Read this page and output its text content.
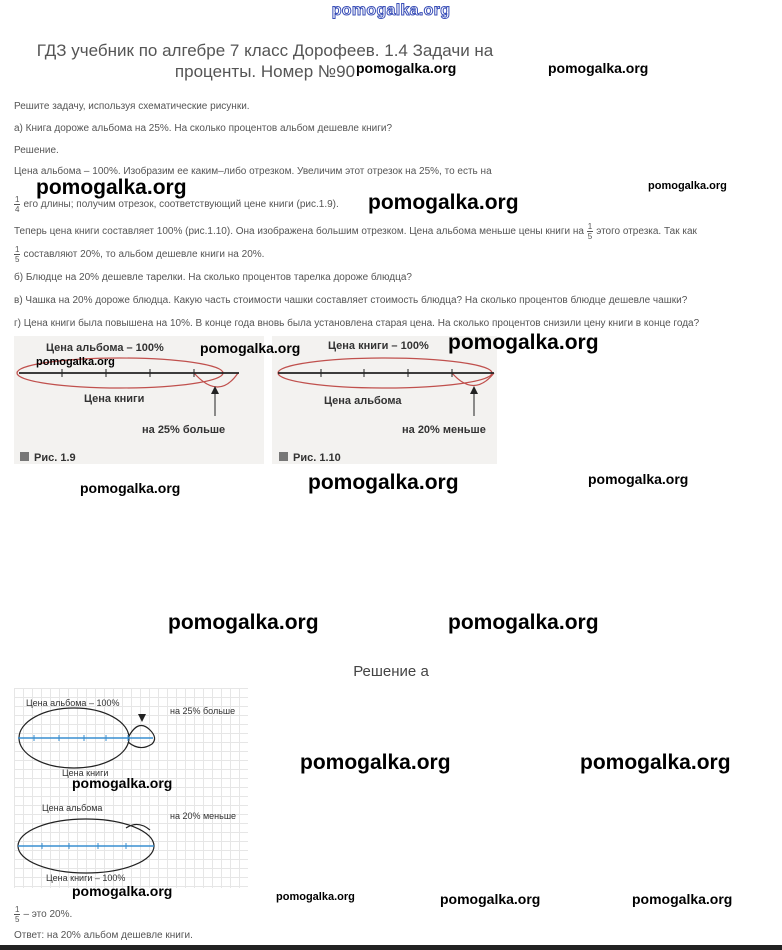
pomogalka.org
ГДЗ учебник по алгебре 7 класс Дорофеев. 1.4 Задачи на проценты. Номер №90
Решите задачу, используя схематические рисунки.
а) Книга дороже альбома на 25%. На сколько процентов альбом дешевле книги?
Решение.
Цена альбома – 100%. Изобразим ее каким–либо отрезком. Увеличим этот отрезок на 25%, то есть на
$\frac{1}{4}$ его длины; получим отрезок, соответствующий цене книги (рис.1.9).
Теперь цена книги составляет 100% (рис.1.10). Она изображена большим отрезком. Цена альбома меньше цены книги на $\frac{1}{5}$ этого отрезка. Так как
$\frac{1}{5}$ составляют 20%, то альбом дешевле книги на 20%.
б) Блюдце на 20% дешевле тарелки. На сколько процентов тарелка дороже блюдца?
в) Чашка на 20% дороже блюдца. Какую часть стоимости чашки составляет стоимость блюдца? На сколько процентов блюдце дешевле чашки?
г) Цена книги была повышена на 10%. В конце года вновь была установлена старая цена. На сколько процентов снизили цену книги в конце года?
Цена альбома – 100%
Цена книги
на 25% больше
Рис. 1.9
Цена книги – 100%
Цена альбома
на 20% меньше
Рис. 1.10
Решение а
Цена альбома – 100%
на 25% больше
Цена книги
Цена альбома
на 20% меньше
Цена книги – 100%
$\frac{1}{5}$ – это 20%.
Ответ: на 20% альбом дешевле книги.
pomogalka.org	pomogalka.org
pomogalka.org
pomogalka.org
pomogalka.org
pomogalka.org
pomogalka.org	pomogalka.org
pomogalka.org	pomogalka.org	pomogalka.org
pomogalka.org	pomogalka.org
pomogalka.org	pomogalka.org
pomogalka.org
pomogalka.org	pomogalka.org	pomogalka.org	pomogalka.org
